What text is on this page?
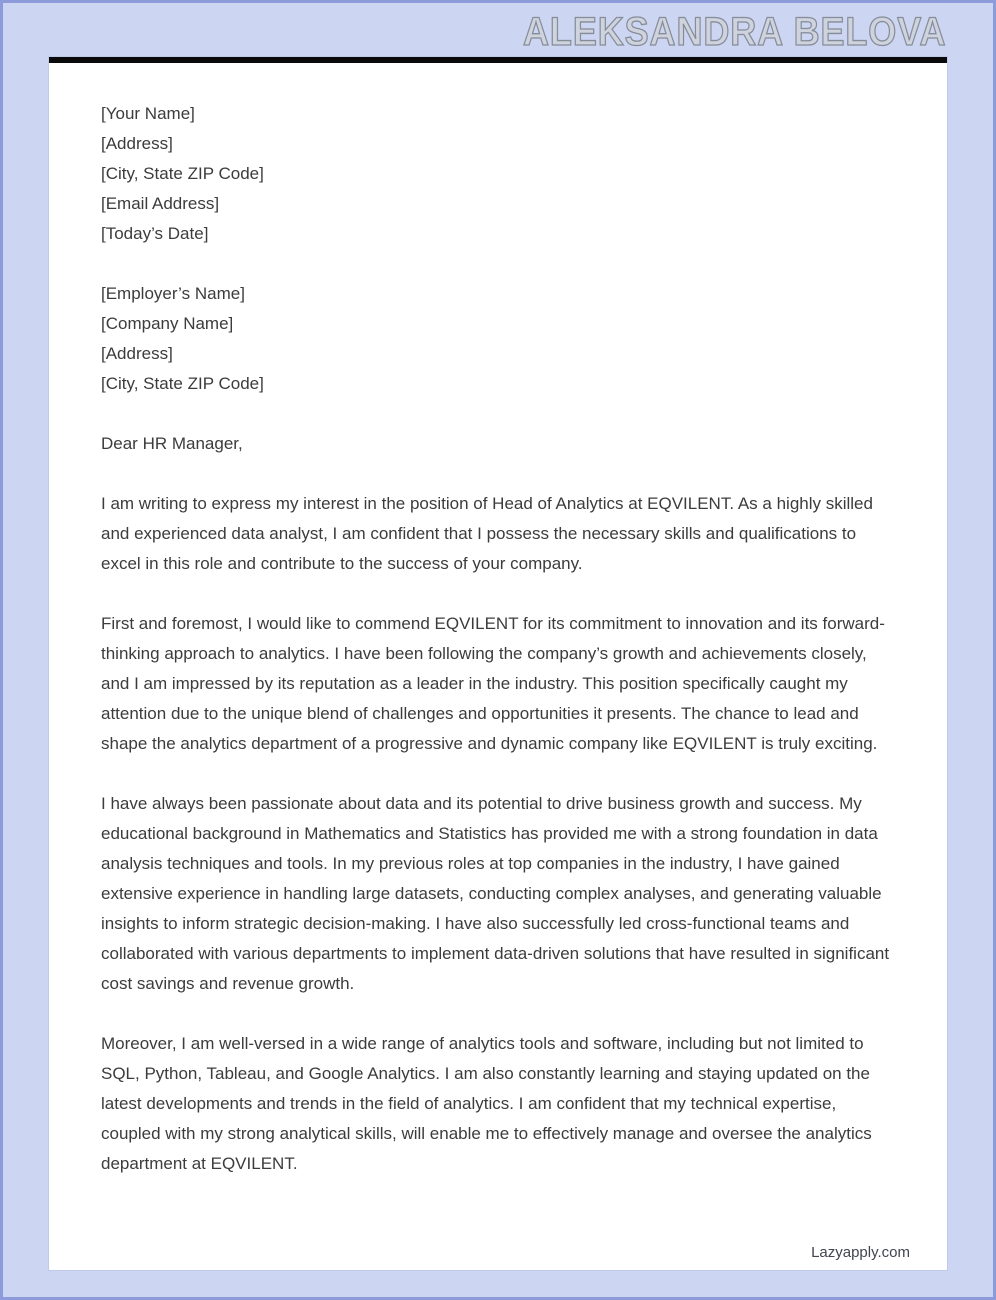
ALEKSANDRA BELOVA
[Your Name]
[Address]
[City, State ZIP Code]
[Email Address]
[Today’s Date]
[Employer’s Name]
[Company Name]
[Address]
[City, State ZIP Code]
Dear HR Manager,

I am writing to express my interest in the position of Head of Analytics at EQVILENT. As a highly skilled and experienced data analyst, I am confident that I possess the necessary skills and qualifications to excel in this role and contribute to the success of your company.

First and foremost, I would like to commend EQVILENT for its commitment to innovation and its forward-thinking approach to analytics. I have been following the company’s growth and achievements closely, and I am impressed by its reputation as a leader in the industry. This position specifically caught my attention due to the unique blend of challenges and opportunities it presents. The chance to lead and shape the analytics department of a progressive and dynamic company like EQVILENT is truly exciting.

I have always been passionate about data and its potential to drive business growth and success. My educational background in Mathematics and Statistics has provided me with a strong foundation in data analysis techniques and tools. In my previous roles at top companies in the industry, I have gained extensive experience in handling large datasets, conducting complex analyses, and generating valuable insights to inform strategic decision-making. I have also successfully led cross-functional teams and collaborated with various departments to implement data-driven solutions that have resulted in significant cost savings and revenue growth.

Moreover, I am well-versed in a wide range of analytics tools and software, including but not limited to SQL, Python, Tableau, and Google Analytics. I am also constantly learning and staying updated on the latest developments and trends in the field of analytics. I am confident that my technical expertise, coupled with my strong analytical skills, will enable me to effectively manage and oversee the analytics department at EQVILENT.

Lazyapply.com
